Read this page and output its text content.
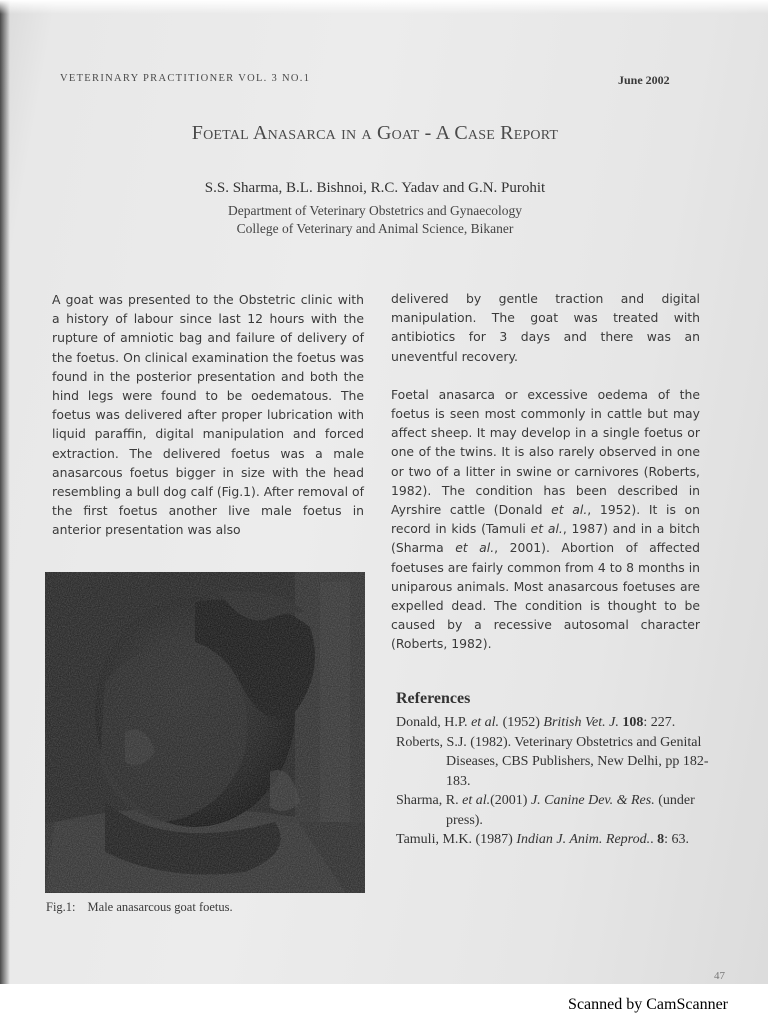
VETERINARY PRACTITIONER VOL. 3 NO.1	June 2002
Foetal Anasarca in a Goat - A Case Report
S.S. Sharma, B.L. Bishnoi, R.C. Yadav and G.N. Purohit
Department of Veterinary Obstetrics and Gynaecology
College of Veterinary and Animal Science, Bikaner

A goat was presented to the Obstetric clinic with a history of labour since last 12 hours with the rupture of amniotic bag and failure of delivery of the foetus. On clinical examination the foetus was found in the posterior presentation and both the hind legs were found to be oedematous. The foetus was delivered after proper lubrication with liquid paraffin, digital manipulation and forced extraction. The delivered foetus was a male anasarcous foetus bigger in size with the head resembling a bull dog calf (Fig.1). After removal of the first foetus another live male foetus in anterior presentation was also

delivered by gentle traction and digital manipulation. The goat was treated with antibiotics for 3 days and there was an uneventful recovery.

Foetal anasarca or excessive oedema of the foetus is seen most commonly in cattle but may affect sheep. It may develop in a single foetus or one of the twins. It is also rarely observed in one or two of a litter in swine or carnivores (Roberts, 1982). The condition has been described in Ayrshire cattle (Donald et al., 1952). It is on record in kids (Tamuli et al., 1987) and in a bitch (Sharma et al., 2001). Abortion of affected foetuses are fairly common from 4 to 8 months in uniparous animals. Most anasarcous foetuses are expelled dead. The condition is thought to be caused by a recessive autosomal character (Roberts, 1982).

Fig.1: Male anasarcous goat foetus.
References
Donald, H.P. et al. (1952) British Vet. J. 108: 227.
Roberts, S.J. (1982). Veterinary Obstetrics and Genital Diseases, CBS Publishers, New Delhi, pp 182-183.
Sharma, R. et al.(2001) J. Canine Dev. & Res. (under press).
Tamuli, M.K. (1987) Indian J. Anim. Reprod.. 8: 63.
47
Scanned by CamScanner
